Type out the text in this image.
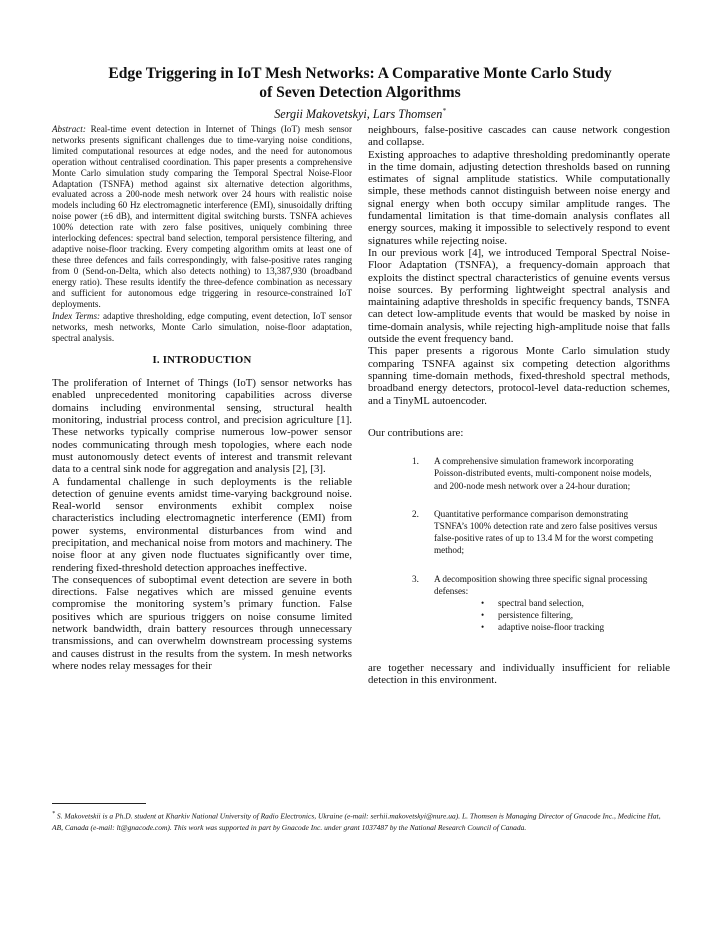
Edge Triggering in IoT Mesh Networks: A Comparative Monte Carlo Study
of Seven Detection Algorithms
Sergii Makovetskyi, Lars Thomsen*

Abstract: Real-time event detection in Internet of Things (IoT) mesh sensor networks presents significant challenges due to time-varying noise conditions, limited computational resources at edge nodes, and the need for autonomous operation without centralised coordination. This paper presents a comprehensive Monte Carlo simulation study comparing the Temporal Spectral Noise-Floor Adaptation (TSNFA) method against six alternative detection algorithms, evaluated across a 200-node mesh network over 24 hours with realistic noise models including 60 Hz electromagnetic interference (EMI), sinusoidally drifting noise power (±6 dB), and intermittent digital switching bursts. TSNFA achieves 100% detection rate with zero false positives, uniquely combining three interlocking defences: spectral band selection, temporal persistence filtering, and adaptive noise-floor tracking. Every competing algorithm omits at least one of these three defences and fails correspondingly, with false-positive rates ranging from 0 (Send-on-Delta, which also detects nothing) to 13,387,930 (broadband energy ratio). These results identify the three-defence combination as necessary and sufficient for autonomous edge triggering in resource-constrained IoT deployments.

Index Terms: adaptive thresholding, edge computing, event detection, IoT sensor networks, mesh networks, Monte Carlo simulation, noise-floor adaptation, spectral analysis.

I. INTRODUCTION

The proliferation of Internet of Things (IoT) sensor networks has enabled unprecedented monitoring capabilities across diverse domains including environmental sensing, structural health monitoring, industrial process control, and precision agriculture [1]. These networks typically comprise numerous low-power sensor nodes communicating through mesh topologies, where each node must autonomously detect events of interest and transmit relevant data to a central sink node for aggregation and analysis [2], [3].

A fundamental challenge in such deployments is the reliable detection of genuine events amidst time-varying background noise. Real-world sensor environments exhibit complex noise characteristics including electromagnetic interference (EMI) from power systems, environmental disturbances from wind and precipitation, and mechanical noise from motors and machinery. The noise floor at any given node fluctuates significantly over time, rendering fixed-threshold detection approaches ineffective.

The consequences of suboptimal event detection are severe in both directions. False negatives which are missed genuine events compromise the monitoring system’s primary function. False positives which are spurious triggers on noise consume limited network bandwidth, drain battery resources through unnecessary transmissions, and can overwhelm downstream processing systems and causes distrust in the results from the system. In mesh networks where nodes relay messages for their

neighbours, false-positive cascades can cause network congestion and collapse.

Existing approaches to adaptive thresholding predominantly operate in the time domain, adjusting detection thresholds based on running estimates of signal amplitude statistics. While computationally simple, these methods cannot distinguish between noise energy and signal energy when both occupy similar amplitude ranges. The fundamental limitation is that time-domain analysis conflates all energy sources, making it impossible to selectively respond to event signatures while rejecting noise.

In our previous work [4], we introduced Temporal Spectral Noise-Floor Adaptation (TSNFA), a frequency-domain approach that exploits the distinct spectral characteristics of genuine events versus noise sources. By performing lightweight spectral analysis and maintaining adaptive thresholds in specific frequency bands, TSNFA can detect low-amplitude events that would be masked by noise in time-domain analysis, while rejecting high-amplitude noise that falls outside the event frequency band.

This paper presents a rigorous Monte Carlo simulation study comparing TSNFA against six competing detection algorithms spanning time-domain methods, fixed-threshold spectral methods, broadband energy detectors, protocol-level data-reduction schemes, and a TinyML autoencoder.

Our contributions are:

1. A comprehensive simulation framework incorporating Poisson-distributed events, multi-component noise models, and 200-node mesh network over a 24-hour duration;
2. Quantitative performance comparison demonstrating TSNFA’s 100% detection rate and zero false positives versus false-positive rates of up to 13.4 M for the worst competing method;
3. A decomposition showing three specific signal processing defenses:
• spectral band selection,
• persistence filtering,
• adaptive noise-floor tracking

are together necessary and individually insufficient for reliable detection in this environment.

* S. Makovetskii is a Ph.D. student at Kharkiv National University of Radio Electronics, Ukraine (e-mail: serhii.makovetskyi@nure.ua). L. Thomsen is Managing Director of Gnacode Inc., Medicine Hat, AB, Canada (e-mail: lt@gnacode.com). This work was supported in part by Gnacode Inc. under grant 1037487 by the National Research Council of Canada.
